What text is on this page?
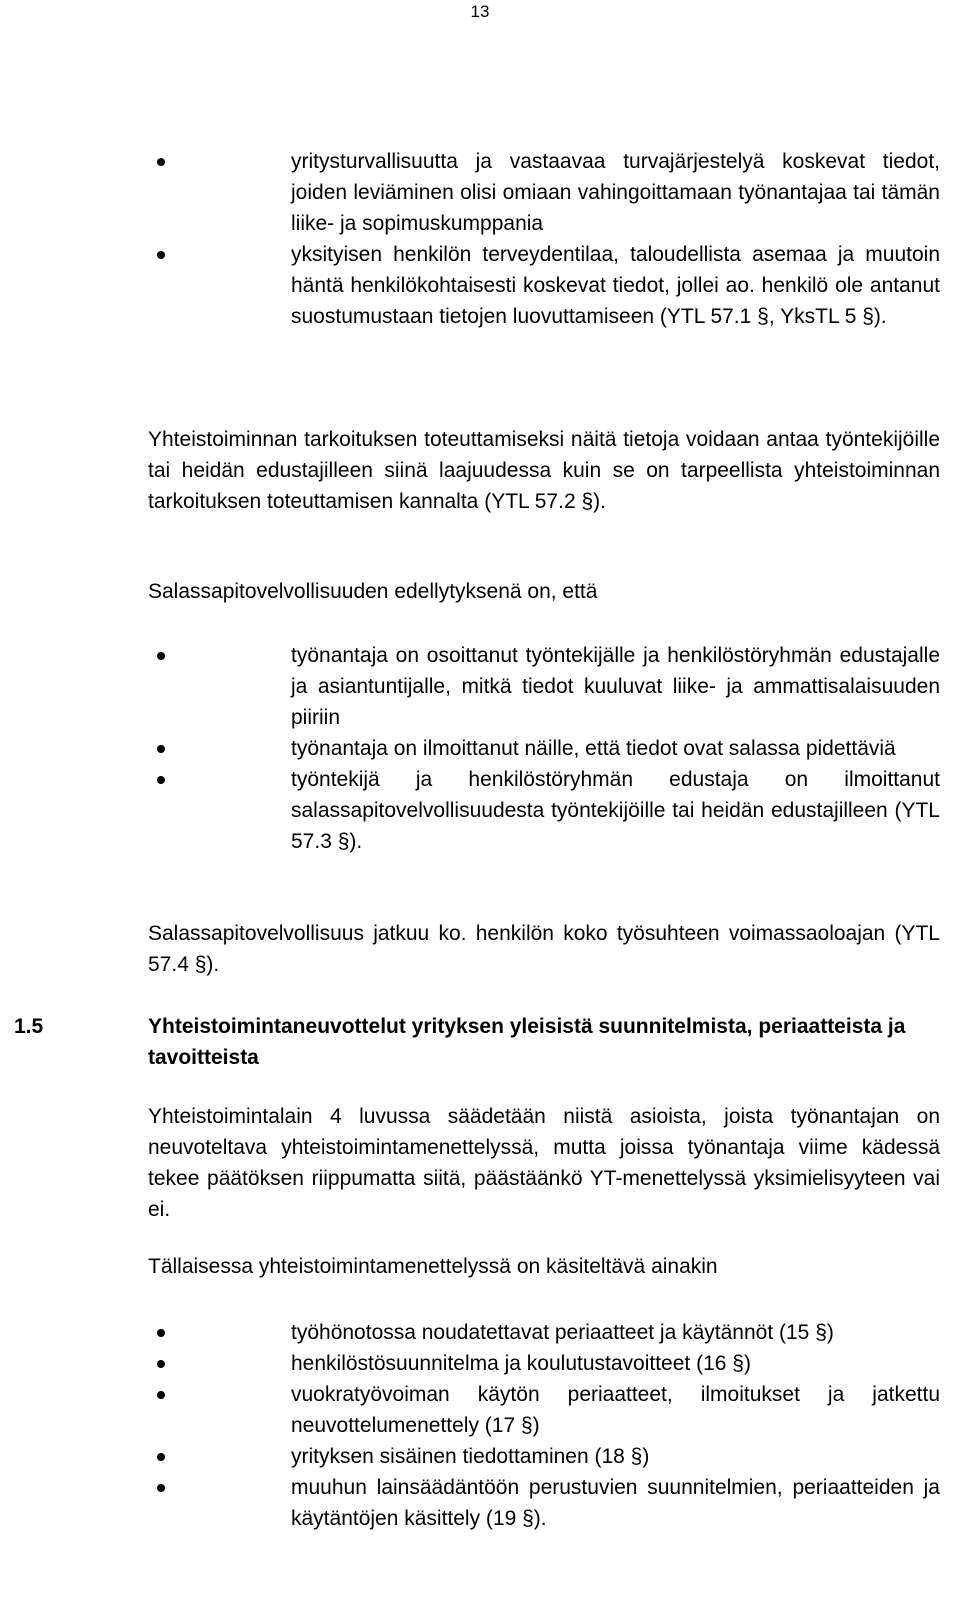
13
yritysturvallisuutta ja vastaavaa turvajärjestelyä koskevat tiedot, joiden leviäminen olisi omiaan vahingoittamaan työnantajaa tai tämän liike- ja sopimuskumppania
yksityisen henkilön terveydentilaa, taloudellista asemaa ja muutoin häntä henkilökohtaisesti koskevat tiedot, jollei ao. henkilö ole antanut suostumustaan tietojen luovuttamiseen (YTL 57.1 §, YksTL 5 §).

Yhteistoiminnan tarkoituksen toteuttamiseksi näitä tietoja voidaan antaa työntekijöille tai heidän edustajilleen siinä laajuudessa kuin se on tarpeellista yhteistoiminnan tarkoituksen toteuttamisen kannalta (YTL 57.2 §).

Salassapitovelvollisuuden edellytyksenä on, että

työnantaja on osoittanut työntekijälle ja henkilöstöryhmän edustajalle ja asiantuntijalle, mitkä tiedot kuuluvat liike- ja ammattisalaisuuden piiriin
työnantaja on ilmoittanut näille, että tiedot ovat salassa pidettäviä
työntekijä ja henkilöstöryhmän edustaja on ilmoittanut salassapitovelvollisuudesta työntekijöille tai heidän edustajilleen (YTL 57.3 §).

Salassapitovelvollisuus jatkuu ko. henkilön koko työsuhteen voimassaoloajan (YTL 57.4 §).

1.5	Yhteistoimintaneuvottelut yrityksen yleisistä suunnitelmista, periaatteista ja tavoitteista

Yhteistoimintalain 4 luvussa säädetään niistä asioista, joista työnantajan on neuvoteltava yhteistoimintamenettelyssä, mutta joissa työnantaja viime kädessä tekee päätöksen riippumatta siitä, päästäänkö YT-menettelyssä yksimielisyyteen vai ei.

Tällaisessa yhteistoimintamenettelyssä on käsiteltävä ainakin

työhönotossa noudatettavat periaatteet ja käytännöt (15 §)
henkilöstösuunnitelma ja koulutustavoitteet (16 §)
vuokratyövoiman käytön periaatteet, ilmoitukset ja jatkettu neuvottelumenettely (17 §)
yrityksen sisäinen tiedottaminen (18 §)
muuhun lainsäädäntöön perustuvien suunnitelmien, periaatteiden ja käytäntöjen käsittely (19 §).
